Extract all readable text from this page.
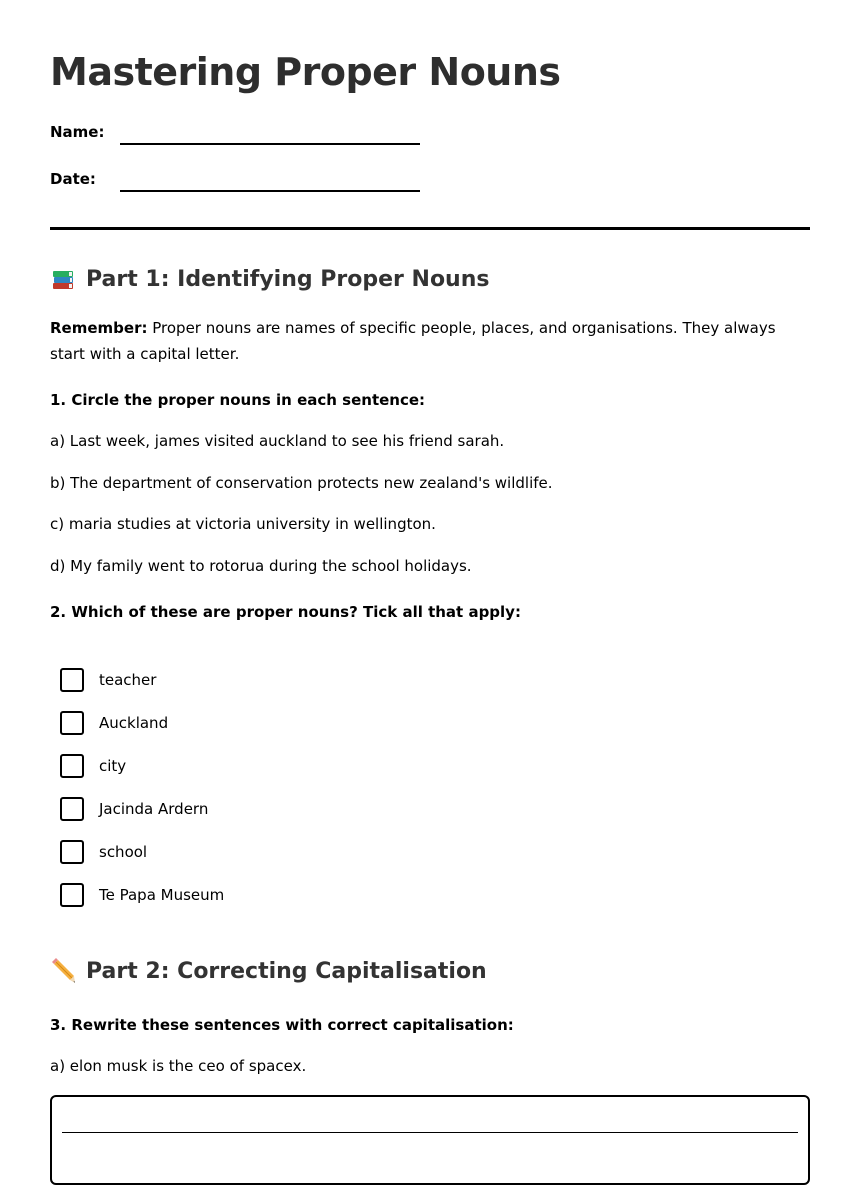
Mastering Proper Nouns
Name:
Date:
Part 1: Identifying Proper Nouns

Remember: Proper nouns are names of specific people, places, and organisations. They always start with a capital letter.

1. Circle the proper nouns in each sentence:
a) Last week, james visited auckland to see his friend sarah.
b) The department of conservation protects new zealand's wildlife.
c) maria studies at victoria university in wellington.
d) My family went to rotorua during the school holidays.
2. Which of these are proper nouns? Tick all that apply:
teacher
Auckland
city
Jacinda Ardern
school
Te Papa Museum
Part 2: Correcting Capitalisation
3. Rewrite these sentences with correct capitalisation:
a) elon musk is the ceo of spacex.
